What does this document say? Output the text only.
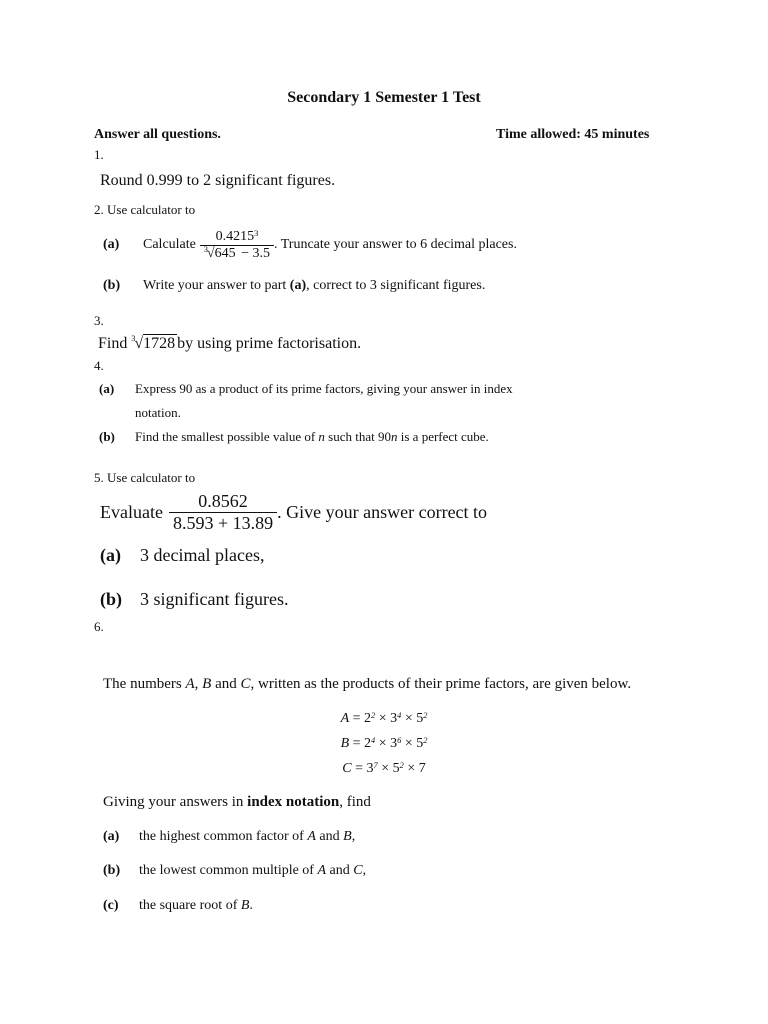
Secondary 1 Semester 1 Test
Answer all questions.	Time allowed: 45 minutes
1.
Round 0.999 to 2 significant figures.
2. Use calculator to
(a)	Calculate $\frac{0.4215^3}{3 √645 - 3.5}$ . Truncate your answer to 6 decimal places.
(b) Write your answer to part (a), correct to 3 significant figures.
3.
Find 3 √1728 by using prime factorisation.
4.
(a) Express 90 as a product of its prime factors, giving your answer in index
notation.
(b) Find the smallest possible value of n such that 90n is a perfect cube.
5. Use calculator to
Evaluate $\frac{0.8562}{8.593 + 13.89}$ . Give your answer correct to
(a) 3 decimal places,
(b) 3 significant figures.
6.
The numbers A, B and C, written as the products of their prime factors, are given below.
$A = 2^2 \times 3^4 \times 5^2$
$B = 2^4 \times 3^6 \times 5^2$
$C = 3^7 \times 5^2 \times 7$
Giving your answers in index notation, find
(a) the highest common factor of A and B,
(b) the lowest common multiple of A and C,
(c) the square root of B.
